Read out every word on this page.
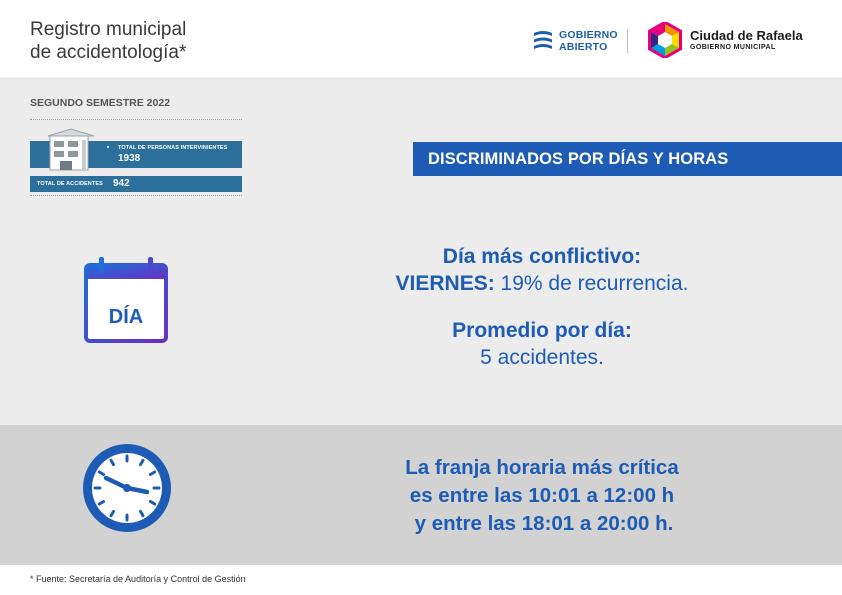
Registro municipal
de accidentología*
GOBIERNO
ABIERTO
Ciudad de Rafaela
GOBIERNO MUNICIPAL
SEGUNDO SEMESTRE 2022
TOTAL DE PERSONAS INTERVINIENTES
1938
TOTAL DE ACCIDENTES 942
DISCRIMINADOS POR DÍAS Y HORAS
DÍA
Día más conflictivo:
VIERNES: 19% de recurrencia.
Promedio por día:
5 accidentes.
La franja horaria más crítica
es entre las 10:01 a 12:00 h
y entre las 18:01 a 20:00 h.
* Fuente: Secretaría de Auditoría y Control de Gestión
